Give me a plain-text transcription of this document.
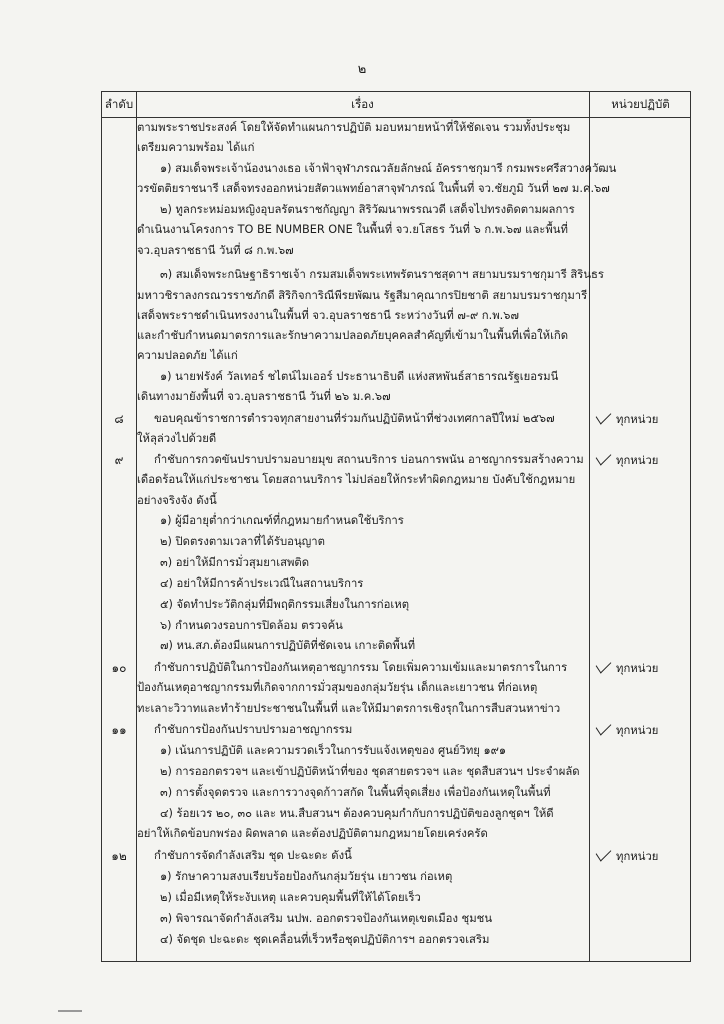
๒
ลำดับ	เรื่อง	หน่วยปฏิบัติ
ตามพระราชประสงค์ โดยให้จัดทำแผนการปฏิบัติ มอบหมายหน้าที่ให้ชัดเจน รวมทั้งประชุม
เตรียมความพร้อม ได้แก่
๑) สมเด็จพระเจ้าน้องนางเธอ เจ้าฟ้าจุฬาภรณวลัยลักษณ์ อัครราชกุมารี กรมพระศรีสวางควัฒน
วรขัตติยราชนารี เสด็จทรงออกหน่วยสัตวแพทย์อาสาจุฬาภรณ์ ในพื้นที่ จว.ชัยภูมิ วันที่ ๒๗ ม.ค.๖๗
๒) ทูลกระหม่อมหญิงอุบลรัตนราชกัญญา สิริวัฒนาพรรณวดี เสด็จไปทรงติดตามผลการ
ดำเนินงานโครงการ TO BE NUMBER ONE ในพื้นที่ จว.ยโสธร วันที่ ๖ ก.พ.๖๗ และพื้นที่
จว.อุบลราชธานี วันที่ ๘ ก.พ.๖๗
๓) สมเด็จพระกนิษฐาธิราชเจ้า กรมสมเด็จพระเทพรัตนราชสุดาฯ สยามบรมราชกุมารี สิรินธร
มหาวชิราลงกรณวรราชภักดี สิริกิจการิณีพีรยพัฒน รัฐสีมาคุณากรปิยชาติ สยามบรมราชกุมารี
เสด็จพระราชดำเนินทรงงานในพื้นที่ จว.อุบลราชธานี ระหว่างวันที่ ๗-๙ ก.พ.๖๗
และกำชับกำหนดมาตรการและรักษาความปลอดภัยบุคคลสำคัญที่เข้ามาในพื้นที่เพื่อให้เกิด
ความปลอดภัย ได้แก่
๑) นายฟรังค์ วัลเทอร์ ชไตน์ไมเออร์ ประธานาธิบดี แห่งสหพันธ์สาธารณรัฐเยอรมนี
เดินทางมายังพื้นที่ จว.อุบลราชธานี วันที่ ๒๖ ม.ค.๖๗
๘	ขอบคุณข้าราชการตำรวจทุกสายงานที่ร่วมกันปฏิบัติหน้าที่ช่วงเทศกาลปีใหม่ ๒๕๖๗	ทุกหน่วย
ให้ลุล่วงไปด้วยดี
๙	กำชับการกวดขันปราบปรามอบายมุข สถานบริการ บ่อนการพนัน อาชญากรรมสร้างความ	ทุกหน่วย
เดือดร้อนให้แก่ประชาชน โดยสถานบริการ ไม่ปล่อยให้กระทำผิดกฎหมาย บังคับใช้กฎหมาย
อย่างจริงจัง ดังนี้
๑) ผู้มีอายุต่ำกว่าเกณฑ์ที่กฎหมายกำหนดใช้บริการ
๒) ปิดตรงตามเวลาที่ได้รับอนุญาต
๓) อย่าให้มีการมั่วสุมยาเสพติด
๔) อย่าให้มีการค้าประเวณีในสถานบริการ
๕) จัดทำประวัติกลุ่มที่มีพฤติกรรมเสี่ยงในการก่อเหตุ
๖) กำหนดวงรอบการปิดล้อม ตรวจค้น
๗) หน.สภ.ต้องมีแผนการปฏิบัติที่ชัดเจน เกาะติดพื้นที่
๑๐	กำชับการปฏิบัติในการป้องกันเหตุอาชญากรรม โดยเพิ่มความเข้มและมาตรการในการ	ทุกหน่วย
ป้องกันเหตุอาชญากรรมที่เกิดจากการมั่วสุมของกลุ่มวัยรุ่น เด็กและเยาวชน ที่ก่อเหตุ
ทะเลาะวิวาทและทำร้ายประชาชนในพื้นที่ และให้มีมาตรการเชิงรุกในการสืบสวนหาข่าว
๑๑	กำชับการป้องกันปราบปรามอาชญากรรม	ทุกหน่วย
๑) เน้นการปฏิบัติ และความรวดเร็วในการรับแจ้งเหตุของ ศูนย์วิทยุ ๑๙๑
๒) การออกตรวจฯ และเข้าปฏิบัติหน้าที่ของ ชุดสายตรวจฯ และ ชุดสืบสวนฯ ประจำผลัด
๓) การตั้งจุดตรวจ และการวางจุดก้าวสกัด ในพื้นที่จุดเสี่ยง เพื่อป้องกันเหตุในพื้นที่
๔) ร้อยเวร ๒๐, ๓๐ และ หน.สืบสวนฯ ต้องควบคุมกำกับการปฏิบัติของลูกชุดฯ ให้ดี
อย่าให้เกิดข้อบกพร่อง ผิดพลาด และต้องปฏิบัติตามกฎหมายโดยเคร่งครัด
๑๒	กำชับการจัดกำลังเสริม ชุด ปะฉะดะ ดังนี้	ทุกหน่วย
๑) รักษาความสงบเรียบร้อยป้องกันกลุ่มวัยรุ่น เยาวชน ก่อเหตุ
๒) เมื่อมีเหตุให้ระงับเหตุ และควบคุมพื้นที่ให้ได้โดยเร็ว
๓) พิจารณาจัดกำลังเสริม นปพ. ออกตรวจป้องกันเหตุเขตเมือง ชุมชน
๔) จัดชุด ปะฉะดะ ชุดเคลื่อนที่เร็วหรือชุดปฏิบัติการฯ ออกตรวจเสริม
